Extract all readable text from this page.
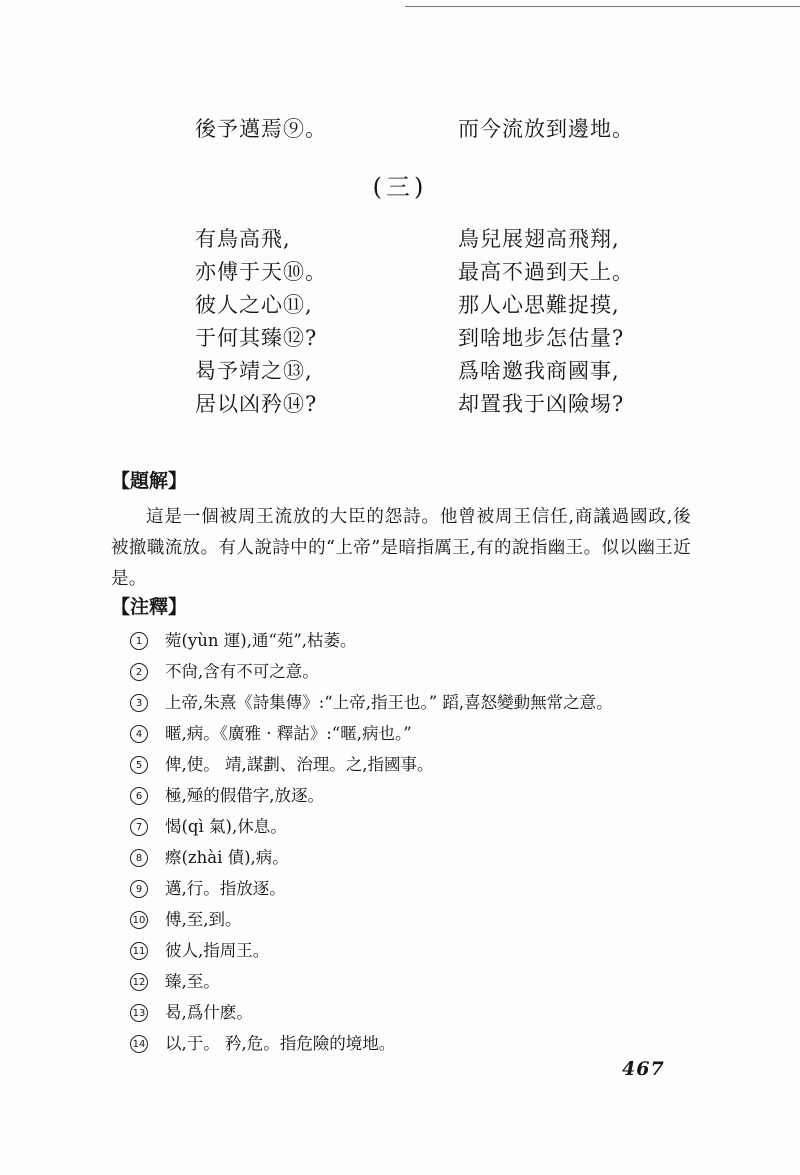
後予邁焉⑨。	而今流放到邊地。
(三)
有鳥高飛,	鳥兒展翅高飛翔,
亦傅于天⑩。	最高不過到天上。
彼人之心⑪,	那人心思難捉摸,
于何其臻⑫?	到啥地步怎估量?
曷予靖之⑬,	爲啥邀我商國事,
居以凶矜⑭?	却置我于凶險埸?
【題解】
這是一個被周王流放的大臣的怨詩。他曾被周王信任,商議過國政,後被撤職流放。有人說詩中的“上帝”是暗指厲王,有的說指幽王。似以幽王近是。
【注釋】
1	菀(yùn 運),通“苑”,枯萎。
2	不尙,含有不可之意。
3	上帝,朱熹《詩集傳》:“上帝,指王也。” 蹈,喜怒變動無常之意。
4	暱,病。《廣雅 · 釋詁》:“暱,病也。”
5	俾,使。 靖,謀劃、治理。之,指國事。
6	極,殛的假借字,放逐。
7	愒(qì 氣),休息。
8	瘵(zhài 債),病。
9	邁,行。指放逐。
10 傅,至,到。
11 彼人,指周王。
12 臻,至。
13 曷,爲什麽。
14 以,于。 矜,危。指危險的境地。
467
